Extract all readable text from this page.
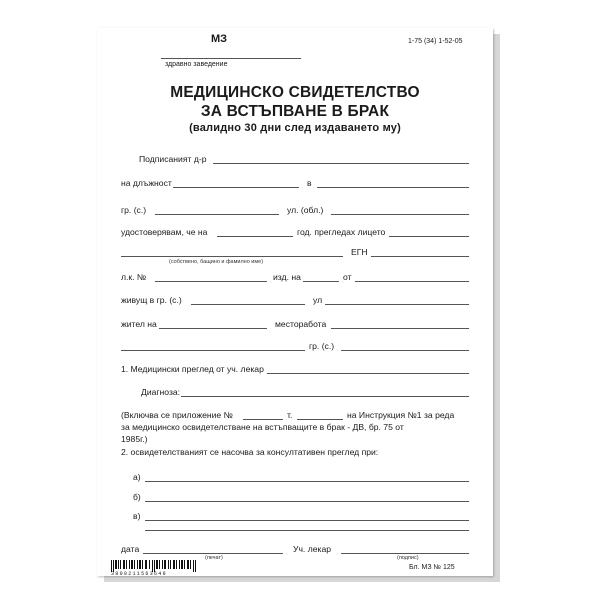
1-75 (34) 1-52-05
МЗ
здравно заведение
МЕДИЦИНСКО СВИДЕТЕЛСТВО
ЗА ВСТЪПВАНЕ В БРАК
(валидно 30 дни след издаването му)
Подписаният д-р
на длъжност	в
гр. (с.)	ул. (обл.)
удостоверявам, че на	год. прегледах лицето
ЕГН
(собствено, бащино и фамилно име)
л.к. №	изд. на	от
живущ в гр. (с.)	ул
жител на	месторабота
гр. (с.)
1. Медицински преглед от уч. лекар
Диагноза:
(Включва се приложение №	т.	на Инструкция №1 за реда
за медицинско освидетелстване на встъпващите в брак - ДВ, бр. 75 от
1985г.)
2. освидетелстваният се насочва за консултативен преглед при:
а)
б)
в)
дата
(печат)
Уч. лекар
(подпис)
Бл. МЗ № 125
3800211563649
